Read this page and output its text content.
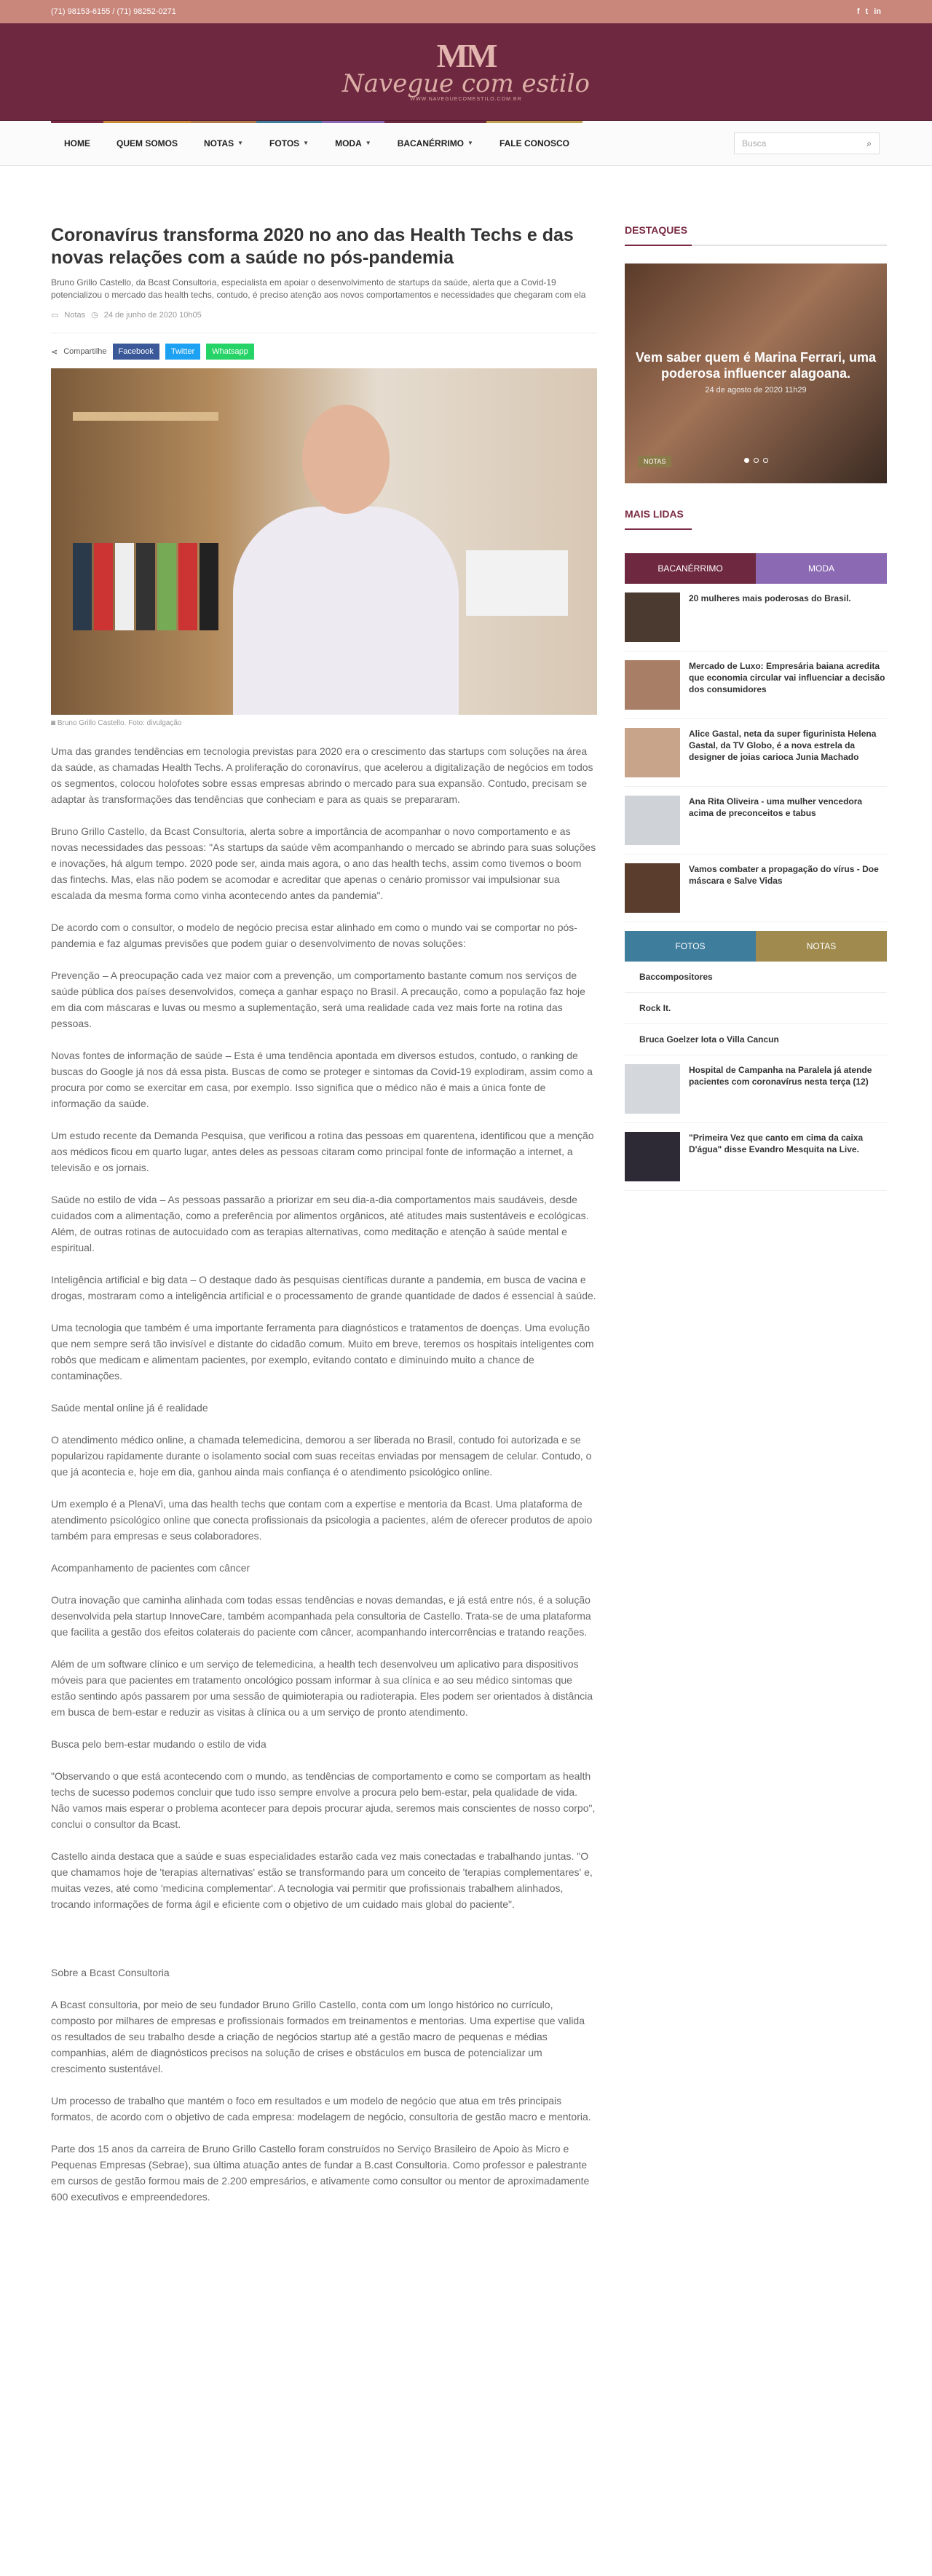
(71) 98153-6155 / (71) 98252-0271	f t in
MM
Navegue com estilo
WWW.NAVEGUECOMESTILO.COM.BR
HOME	QUEM SOMOS	NOTAS ▼	FOTOS ▼	MODA ▼	BACANÉRRIMO ▼	FALE CONOSCO	Busca	⌕
Coronavírus transforma 2020 no ano das Health Techs e das novas relações com a saúde no pós-pandemia

Bruno Grillo Castello, da Bcast Consultoria, especialista em apoiar o desenvolvimento de startups da saúde, alerta que a Covid-19 potencializou o mercado das health techs, contudo, é preciso atenção aos novos comportamentos e necessidades que chegaram com ela

▭ Notas ◷ 24 de junho de 2020 10h05
⋖ Compartilhe	Facebook	Twitter	Whatsapp

◙ Bruno Grillo Castello. Foto: divulgação

Uma das grandes tendências em tecnologia previstas para 2020 era o crescimento das startups com soluções na área da saúde, as chamadas Health Techs. A proliferação do coronavírus, que acelerou a digitalização de negócios em todos os segmentos, colocou holofotes sobre essas empresas abrindo o mercado para sua expansão. Contudo, precisam se adaptar às transformações das tendências que conheciam e para as quais se prepararam.

Bruno Grillo Castello, da Bcast Consultoria, alerta sobre a importância de acompanhar o novo comportamento e as novas necessidades das pessoas: "As startups da saúde vêm acompanhando o mercado se abrindo para suas soluções e inovações, há algum tempo. 2020 pode ser, ainda mais agora, o ano das health techs, assim como tivemos o boom das fintechs. Mas, elas não podem se acomodar e acreditar que apenas o cenário promissor vai impulsionar sua escalada da mesma forma como vinha acontecendo antes da pandemia".

De acordo com o consultor, o modelo de negócio precisa estar alinhado em como o mundo vai se comportar no pós-pandemia e faz algumas previsões que podem guiar o desenvolvimento de novas soluções:

Prevenção – A preocupação cada vez maior com a prevenção, um comportamento bastante comum nos serviços de saúde pública dos países desenvolvidos, começa a ganhar espaço no Brasil. A precaução, como a população faz hoje em dia com máscaras e luvas ou mesmo a suplementação, será uma realidade cada vez mais forte na rotina das pessoas.

Novas fontes de informação de saúde – Esta é uma tendência apontada em diversos estudos, contudo, o ranking de buscas do Google já nos dá essa pista. Buscas de como se proteger e sintomas da Covid-19 explodiram, assim como a procura por como se exercitar em casa, por exemplo. Isso significa que o médico não é mais a única fonte de informação da saúde.

Um estudo recente da Demanda Pesquisa, que verificou a rotina das pessoas em quarentena, identificou que a menção aos médicos ficou em quarto lugar, antes deles as pessoas citaram como principal fonte de informação a internet, a televisão e os jornais.

Saúde no estilo de vida – As pessoas passarão a priorizar em seu dia-a-dia comportamentos mais saudáveis, desde cuidados com a alimentação, como a preferência por alimentos orgânicos, até atitudes mais sustentáveis e ecológicas. Além, de outras rotinas de autocuidado com as terapias alternativas, como meditação e atenção à saúde mental e espiritual.

Inteligência artificial e big data – O destaque dado às pesquisas científicas durante a pandemia, em busca de vacina e drogas, mostraram como a inteligência artificial e o processamento de grande quantidade de dados é essencial à saúde.

Uma tecnologia que também é uma importante ferramenta para diagnósticos e tratamentos de doenças. Uma evolução que nem sempre será tão invisível e distante do cidadão comum. Muito em breve, teremos os hospitais inteligentes com robôs que medicam e alimentam pacientes, por exemplo, evitando contato e diminuindo muito a chance de contaminações.

Saúde mental online já é realidade

O atendimento médico online, a chamada telemedicina, demorou a ser liberada no Brasil, contudo foi autorizada e se popularizou rapidamente durante o isolamento social com suas receitas enviadas por mensagem de celular. Contudo, o que já acontecia e, hoje em dia, ganhou ainda mais confiança é o atendimento psicológico online.

Um exemplo é a PlenaVi, uma das health techs que contam com a expertise e mentoria da Bcast. Uma plataforma de atendimento psicológico online que conecta profissionais da psicologia a pacientes, além de oferecer produtos de apoio também para empresas e seus colaboradores.

Acompanhamento de pacientes com câncer

Outra inovação que caminha alinhada com todas essas tendências e novas demandas, e já está entre nós, é a solução desenvolvida pela startup InnoveCare, também acompanhada pela consultoria de Castello. Trata-se de uma plataforma que facilita a gestão dos efeitos colaterais do paciente com câncer, acompanhando intercorrências e tratando reações.

Além de um software clínico e um serviço de telemedicina, a health tech desenvolveu um aplicativo para dispositivos móveis para que pacientes em tratamento oncológico possam informar à sua clínica e ao seu médico sintomas que estão sentindo após passarem por uma sessão de quimioterapia ou radioterapia. Eles podem ser orientados à distância em busca de bem-estar e reduzir as visitas à clínica ou a um serviço de pronto atendimento.

Busca pelo bem-estar mudando o estilo de vida

"Observando o que está acontecendo com o mundo, as tendências de comportamento e como se comportam as health techs de sucesso podemos concluir que tudo isso sempre envolve a procura pelo bem-estar, pela qualidade de vida. Não vamos mais esperar o problema acontecer para depois procurar ajuda, seremos mais conscientes de nosso corpo", conclui o consultor da Bcast.

Castello ainda destaca que a saúde e suas especialidades estarão cada vez mais conectadas e trabalhando juntas. "O que chamamos hoje de 'terapias alternativas' estão se transformando para um conceito de 'terapias complementares' e, muitas vezes, até como 'medicina complementar'. A tecnologia vai permitir que profissionais trabalhem alinhados, trocando informações de forma ágil e eficiente com o objetivo de um cuidado mais global do paciente".

Sobre a Bcast Consultoria

A Bcast consultoria, por meio de seu fundador Bruno Grillo Castello, conta com um longo histórico no currículo, composto por milhares de empresas e profissionais formados em treinamentos e mentorias. Uma expertise que valida os resultados de seu trabalho desde a criação de negócios startup até a gestão macro de pequenas e médias companhias, além de diagnósticos precisos na solução de crises e obstáculos em busca de potencializar um crescimento sustentável.

Um processo de trabalho que mantém o foco em resultados e um modelo de negócio que atua em três principais formatos, de acordo com o objetivo de cada empresa: modelagem de negócio, consultoria de gestão macro e mentoria.

Parte dos 15 anos da carreira de Bruno Grillo Castello foram construídos no Serviço Brasileiro de Apoio às Micro e Pequenas Empresas (Sebrae), sua última atuação antes de fundar a B.cast Consultoria. Como professor e palestrante em cursos de gestão formou mais de 2.200 empresários, e ativamente como consultor ou mentor de aproximadamente 600 executivos e empreendedores.

DESTAQUES
Vem saber quem é Marina Ferrari, uma poderosa influencer alagoana.
24 de agosto de 2020 11h29
NOTAS
MAIS LIDAS
BACANÉRRIMO	MODA
20 mulheres mais poderosas do Brasil.
Mercado de Luxo: Empresária baiana acredita que economia circular vai influenciar a decisão dos consumidores
Alice Gastal, neta da super figurinista Helena Gastal, da TV Globo, é a nova estrela da designer de joias carioca Junia Machado
Ana Rita Oliveira - uma mulher vencedora acima de preconceitos e tabus
Vamos combater a propagação do vírus - Doe máscara e Salve Vidas
FOTOS	NOTAS
Baccompositores
Rock It.
Bruca Goelzer Iota o Villa Cancun
Hospital de Campanha na Paralela já atende pacientes com coronavírus nesta terça (12)
"Primeira Vez que canto em cima da caixa D'água" disse Evandro Mesquita na Live.
